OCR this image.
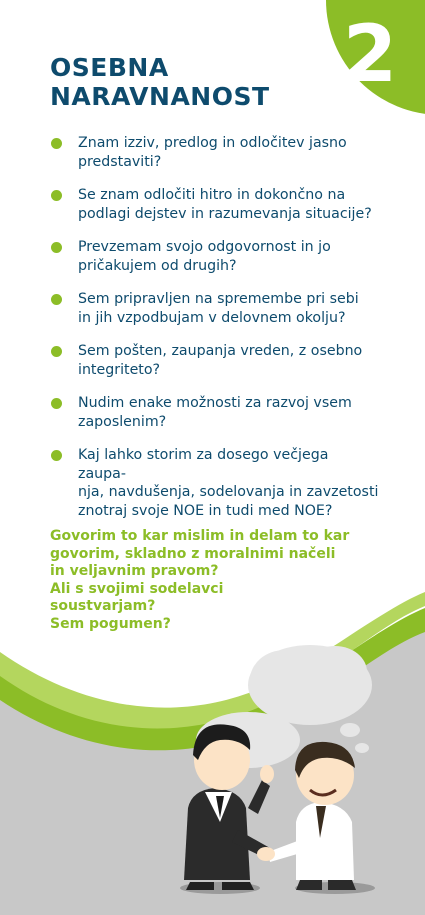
2
OSEBNA
NARAVNANOST
Znam izziv, predlog in odločitev jasno
predstaviti?
Se znam odločiti hitro in dokončno na
podlagi dejstev in razumevanja situacije?
Prevzemam svojo odgovornost in jo
pričakujem od drugih?
Sem pripravljen na spremembe pri sebi
in jih vzpodbujam v delovnem okolju?
Sem pošten, zaupanja vreden, z osebno
integriteto?
Nudim enake možnosti za razvoj vsem
zaposlenim?
Kaj lahko storim za dosego večjega zaupa-
nja, navdušenja, sodelovanja in zavzetosti
znotraj svoje NOE in tudi med NOE?
Govorim to kar mislim in delam to kar
govorim, skladno z moralnimi načeli
in veljavnim pravom?
Ali s svojimi sodelavci
soustvarjam?
Sem pogumen?
